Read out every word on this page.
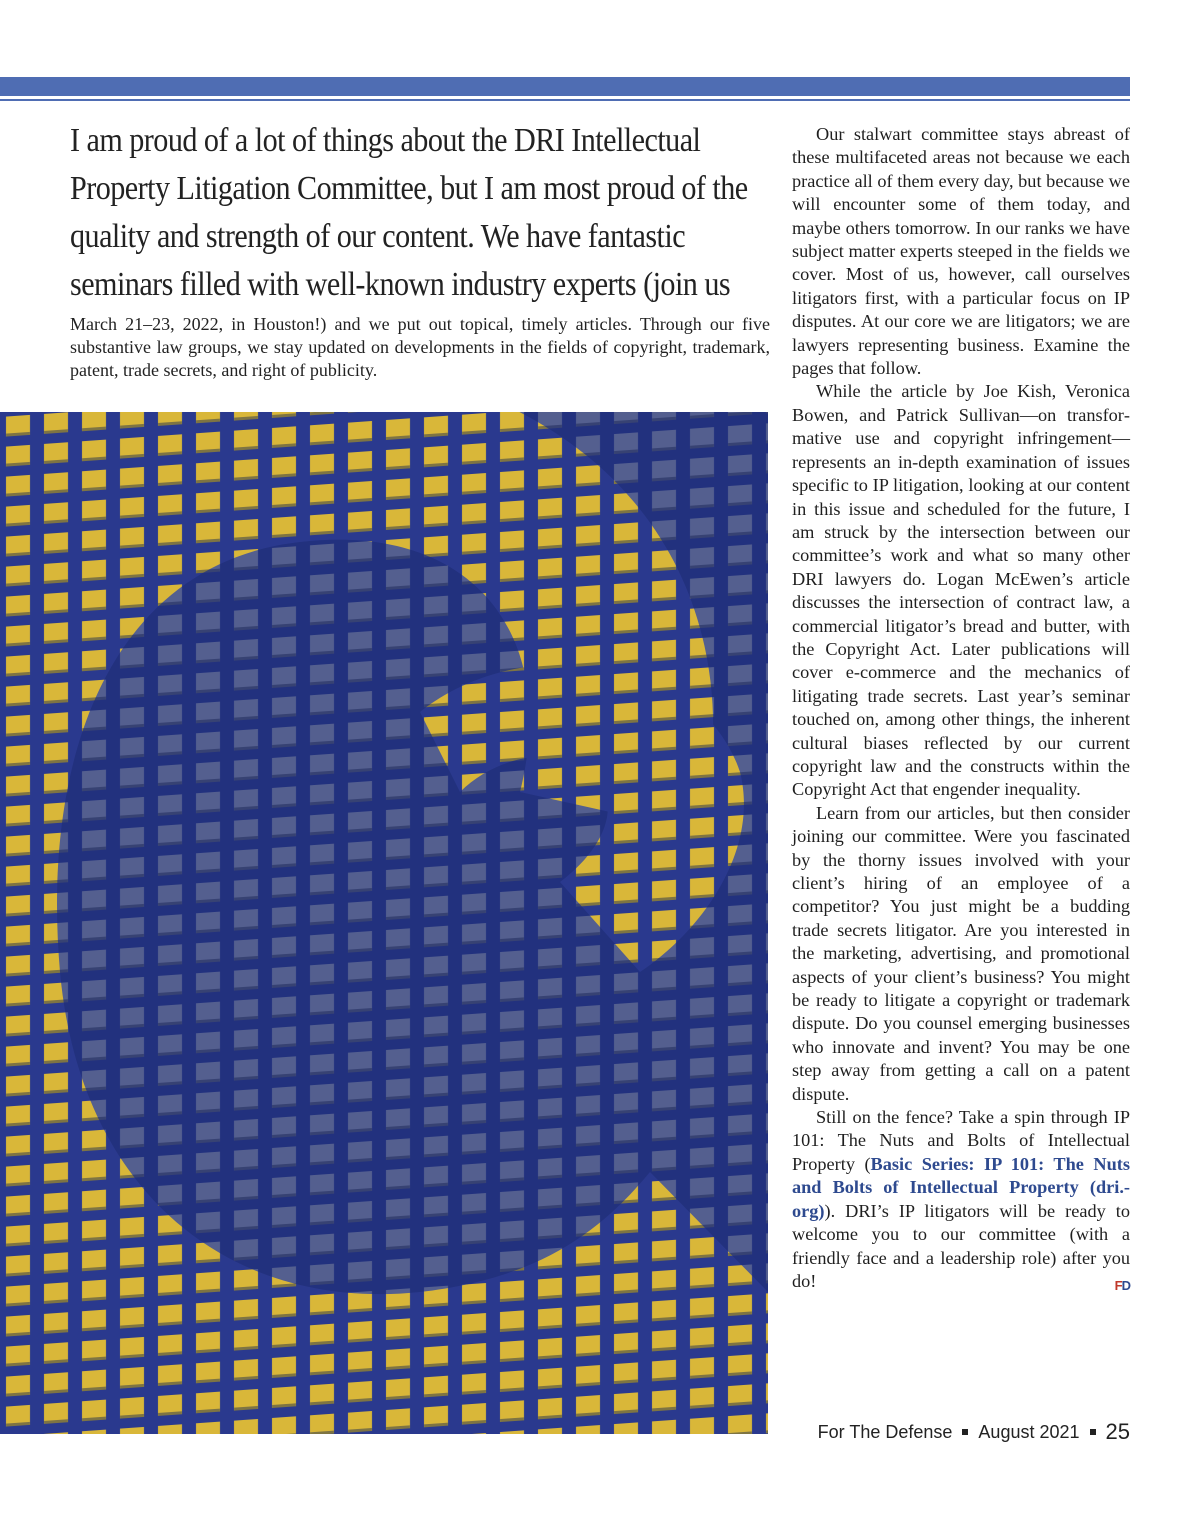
I am proud of a lot of things about the DRI Intellectual Property Litigation Committee, but I am most proud of the quality and strength of our content. We have fantastic seminars filled with well-known industry experts (join us

March 21–23, 2022, in Houston!) and we put out topical, timely articles. Through our five substantive law groups, we stay updated on developments in the fields of copyright, trademark, patent, trade secrets, and right of publicity.

Our stalwart committee stays abreast of these multifaceted areas not because we each practice all of them every day, but because we will encounter some of them today, and maybe others tomorrow. In our ranks we have subject matter experts steeped in the fields we cover. Most of us, however, call ourselves litigators first, with a particular focus on IP disputes. At our core we are litigators; we are lawyers representing business. Examine the pages that follow.

While the article by Joe Kish, Veronica Bowen, and Patrick Sullivan—on transformative use and copyright infringement—represents an in-depth examination of issues specific to IP litigation, looking at our content in this issue and scheduled for the future, I am struck by the intersection between our committee’s work and what so many other DRI lawyers do. Logan McEwen’s article discusses the intersection of contract law, a commercial litigator’s bread and butter, with the Copyright Act. Later publications will cover e-commerce and the mechanics of litigating trade secrets. Last year’s seminar touched on, among other things, the inherent cultural biases reflected by our current copyright law and the constructs within the Copyright Act that engender inequality.

Learn from our articles, but then consider joining our committee. Were you fascinated by the thorny issues involved with your client’s hiring of an employee of a competitor? You just might be a budding trade secrets litigator. Are you interested in the marketing, advertising, and promotional aspects of your client’s business? You might be ready to litigate a copyright or trademark dispute. Do you counsel emerging businesses who innovate and invent? You may be one step away from getting a call on a patent dispute.

Still on the fence? Take a spin through IP 101: The Nuts and Bolts of Intellectual Property (Basic Series: IP 101: The Nuts and Bolts of Intellectual Property (dri.org)). DRI’s IP litigators will be ready to welcome you to our committee (with a friendly face and a leadership role) after you do!	FD

For The Defense August 2021 25
